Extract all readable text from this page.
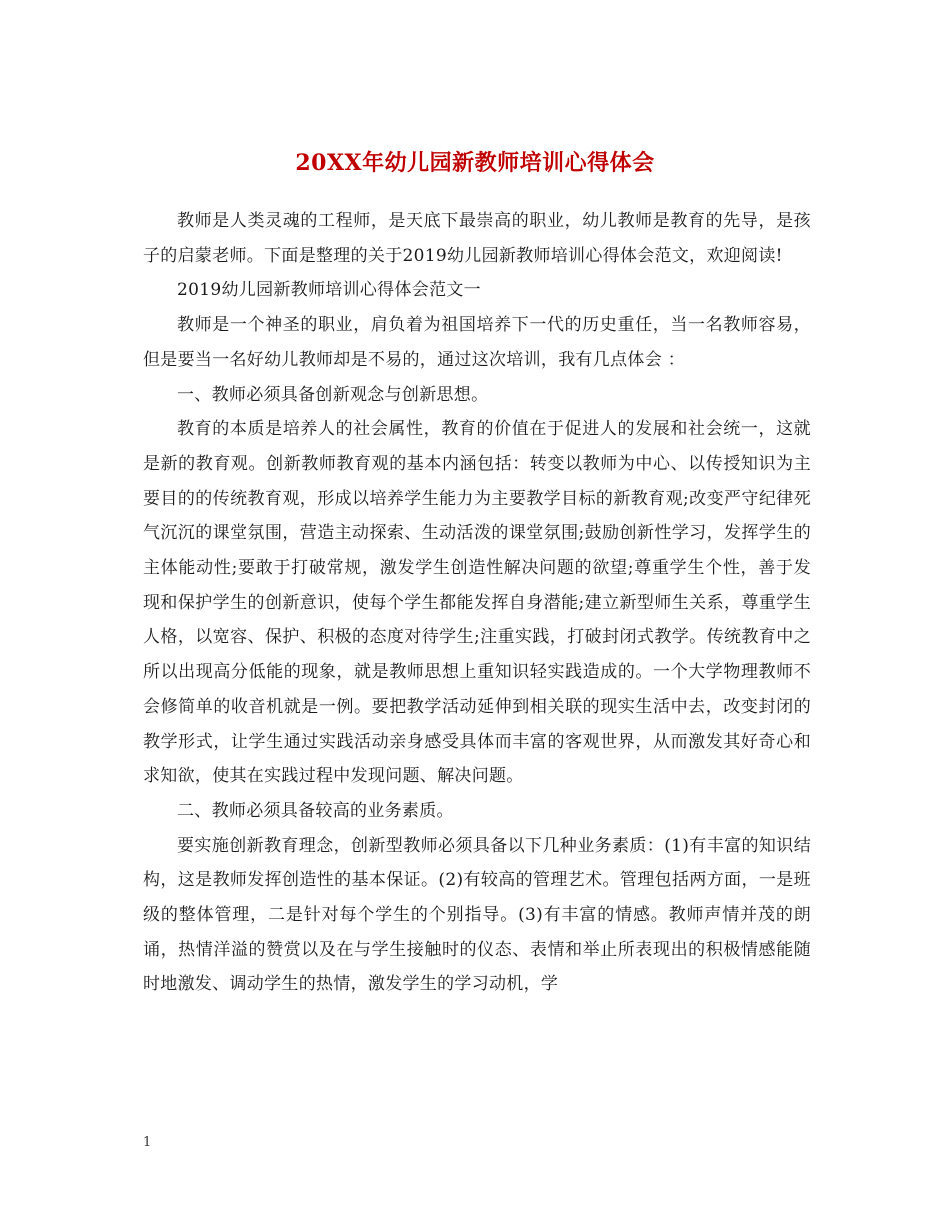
20XX年幼儿园新教师培训心得体会

教师是人类灵魂的工程师，是天底下最崇高的职业，幼儿教师是教育的先导，是孩子的启蒙老师。下面是整理的关于2019幼儿园新教师培训心得体会范文，欢迎阅读!

2019幼儿园新教师培训心得体会范文一

教师是一个神圣的职业，肩负着为祖国培养下一代的历史重任，当一名教师容易，但是要当一名好幼儿教师却是不易的，通过这次培训，我有几点体会 ：

一、教师必须具备创新观念与创新思想。

教育的本质是培养人的社会属性，教育的价值在于促进人的发展和社会统一，这就是新的教育观。创新教师教育观的基本内涵包括：转变以教师为中心、以传授知识为主要目的的传统教育观，形成以培养学生能力为主要教学目标的新教育观;改变严守纪律死气沉沉的课堂氛围，营造主动探索、生动活泼的课堂氛围;鼓励创新性学习，发挥学生的主体能动性;要敢于打破常规，激发学生创造性解决问题的欲望;尊重学生个性，善于发现和保护学生的创新意识，使每个学生都能发挥自身潜能;建立新型师生关系，尊重学生人格，以宽容、保护、积极的态度对待学生;注重实践，打破封闭式教学。传统教育中之所以出现高分低能的现象，就是教师思想上重知识轻实践造成的。一个大学物理教师不会修简单的收音机就是一例。要把教学活动延伸到相关联的现实生活中去，改变封闭的教学形式，让学生通过实践活动亲身感受具体而丰富的客观世界，从而激发其好奇心和求知欲，使其在实践过程中发现问题、解决问题。

二、教师必须具备较高的业务素质。

要实施创新教育理念，创新型教师必须具备以下几种业务素质：(1)有丰富的知识结构，这是教师发挥创造性的基本保证。(2)有较高的管理艺术。管理包括两方面，一是班级的整体管理，二是针对每个学生的个别指导。(3)有丰富的情感。教师声情并茂的朗诵，热情洋溢的赞赏以及在与学生接触时的仪态、表情和举止所表现出的积极情感能随时地激发、调动学生的热情，激发学生的学习动机，学

1
